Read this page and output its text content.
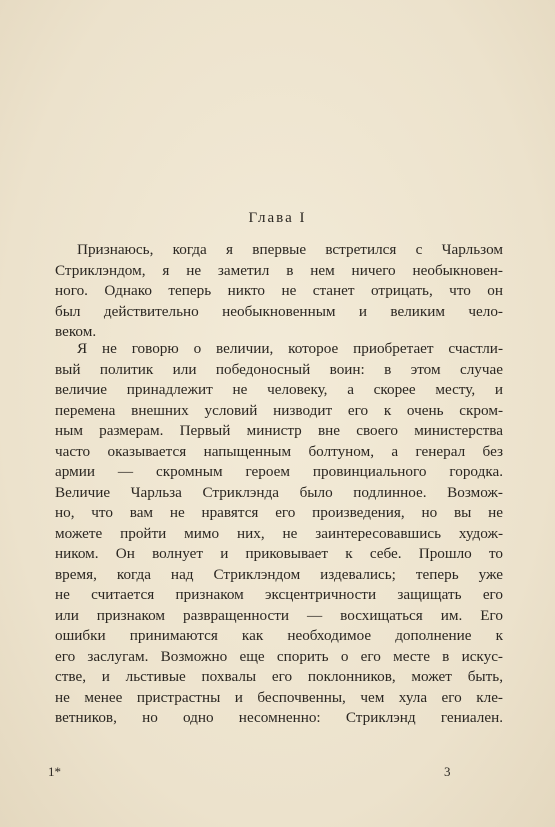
Глава I
Признаюсь, когда я впервые встретился с Чарльзом
Стриклэндом, я не заметил в нем ничего необыкновен-
ного. Однако теперь никто не станет отрицать, что он
был действительно необыкновенным и великим чело-
веком.
Я не говорю о величии, которое приобретает счастли-
вый политик или победоносный воин: в этом случае
величие принадлежит не человеку, а скорее месту, и
перемена внешних условий низводит его к очень скром-
ным размерам. Первый министр вне своего министерства
часто оказывается напыщенным болтуном, а генерал без
армии — скромным героем провинциального городка.
Величие Чарльза Стриклэнда было подлинное. Возмож-
но, что вам не нравятся его произведения, но вы не
можете пройти мимо них, не заинтересовавшись худож-
ником. Он волнует и приковывает к себе. Прошло то
время, когда над Стриклэндом издевались; теперь уже
не считается признаком эксцентричности защищать его
или признаком развращенности — восхищаться им. Его
ошибки принимаются как необходимое дополнение к
его заслугам. Возможно еще спорить о его месте в искус-
стве, и льстивые похвалы его поклонников, может быть,
не менее пристрастны и беспочвенны, чем хула его кле-
ветников, но одно несомненно: Стриклэнд гениален.
1*	3
